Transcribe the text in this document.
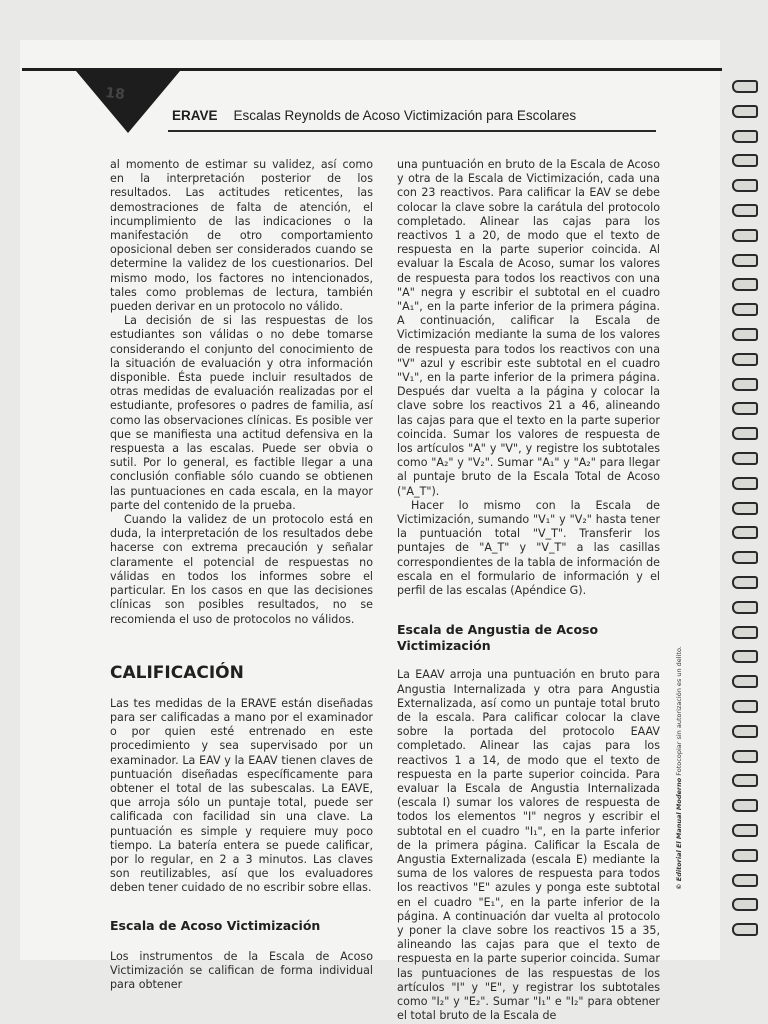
18
ERAVE Escalas Reynolds de Acoso Victimización para Escolares

al momento de estimar su validez, así como en la interpretación posterior de los resultados. Las actitudes reticentes, las demostraciones de falta de atención, el incumplimiento de las indicaciones o la manifestación de otro comportamiento oposicional deben ser considerados cuando se determine la validez de los cuestionarios. Del mismo modo, los factores no intencionados, tales como problemas de lectura, también pueden derivar en un protocolo no válido.

La decisión de si las respuestas de los estudiantes son válidas o no debe tomarse considerando el conjunto del conocimiento de la situación de evaluación y otra información disponible. Ésta puede incluir resultados de otras medidas de evaluación realizadas por el estudiante, profesores o padres de familia, así como las observaciones clínicas. Es posible ver que se manifiesta una actitud defensiva en la respuesta a las escalas. Puede ser obvia o sutil. Por lo general, es factible llegar a una conclusión confiable sólo cuando se obtienen las puntuaciones en cada escala, en la mayor parte del contenido de la prueba.

Cuando la validez de un protocolo está en duda, la interpretación de los resultados debe hacerse con extrema precaución y señalar claramente el potencial de respuestas no válidas en todos los informes sobre el particular. En los casos en que las decisiones clínicas son posibles resultados, no se recomienda el uso de protocolos no válidos.

CALIFICACIÓN

Las tes medidas de la ERAVE están diseñadas para ser calificadas a mano por el examinador o por quien esté entrenado en este procedimiento y sea supervisado por un examinador. La EAV y la EAAV tienen claves de puntuación diseñadas específicamente para obtener el total de las subescalas. La EAVE, que arroja sólo un puntaje total, puede ser calificada con facilidad sin una clave. La puntuación es simple y requiere muy poco tiempo. La batería entera se puede calificar, por lo regular, en 2 a 3 minutos. Las claves son reutilizables, así que los evaluadores deben tener cuidado de no escribir sobre ellas.

Escala de Acoso Victimización

Los instrumentos de la Escala de Acoso Victimización se califican de forma individual para obtener

una puntuación en bruto de la Escala de Acoso y otra de la Escala de Victimización, cada una con 23 reactivos. Para calificar la EAV se debe colocar la clave sobre la carátula del protocolo completado. Alinear las cajas para los reactivos 1 a 20, de modo que el texto de respuesta en la parte superior coincida. Al evaluar la Escala de Acoso, sumar los valores de respuesta para todos los reactivos con una "A" negra y escribir el subtotal en el cuadro "A₁", en la parte inferior de la primera página. A continuación, calificar la Escala de Victimización mediante la suma de los valores de respuesta para todos los reactivos con una "V" azul y escribir este subtotal en el cuadro "V₁", en la parte inferior de la primera página. Después dar vuelta a la página y colocar la clave sobre los reactivos 21 a 46, alineando las cajas para que el texto en la parte superior coincida. Sumar los valores de respuesta de los artículos "A" y "V", y registre los subtotales como "A₂" y "V₂". Sumar "A₁" y "A₂" para llegar al puntaje bruto de la Escala Total de Acoso ("A_T").

Hacer lo mismo con la Escala de Victimización, sumando "V₁" y "V₂" hasta tener la puntuación total "V_T". Transferir los puntajes de "A_T" y "V_T" a las casillas correspondientes de la tabla de información de escala en el formulario de información y el perfil de las escalas (Apéndice G).

Escala de Angustia de Acoso Victimización

La EAAV arroja una puntuación en bruto para Angustia Internalizada y otra para Angustia Externalizada, así como un puntaje total bruto de la escala. Para calificar colocar la clave sobre la portada del protocolo EAAV completado. Alinear las cajas para los reactivos 1 a 14, de modo que el texto de respuesta en la parte superior coincida. Para evaluar la Escala de Angustia Internalizada (escala I) sumar los valores de respuesta de todos los elementos "I" negros y escribir el subtotal en el cuadro "I₁", en la parte inferior de la primera página. Calificar la Escala de Angustia Externalizada (escala E) mediante la suma de los valores de respuesta para todos los reactivos "E" azules y ponga este subtotal en el cuadro "E₁", en la parte inferior de la página. A continuación dar vuelta al protocolo y poner la clave sobre los reactivos 15 a 35, alineando las cajas para que el texto de respuesta en la parte superior coincida. Sumar las puntuaciones de las respuestas de los artículos "I" y "E", y registrar los subtotales como "I₂" y "E₂". Sumar "I₁" e "I₂" para obtener el total bruto de la Escala de

© Editorial El Manual Moderno Fotocopiar sin autorización es un delito.
